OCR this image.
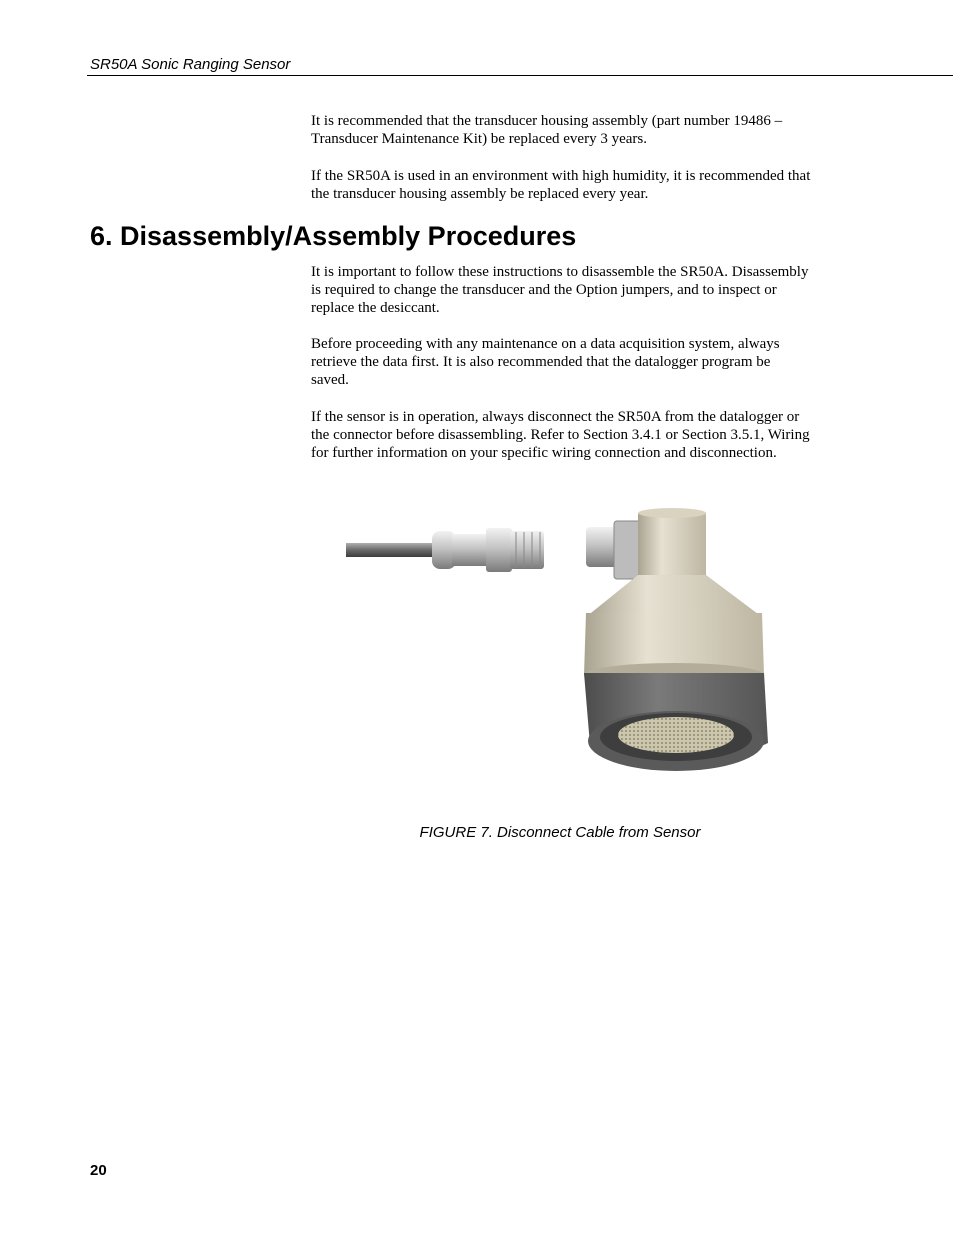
SR50A Sonic Ranging Sensor

It is recommended that the transducer housing assembly (part number 19486 – Transducer Maintenance Kit) be replaced every 3 years.

If the SR50A is used in an environment with high humidity, it is recommended that the transducer housing assembly be replaced every year.

6. Disassembly/Assembly Procedures

It is important to follow these instructions to disassemble the SR50A. Disassembly is required to change the transducer and the Option jumpers, and to inspect or replace the desiccant.

Before proceeding with any maintenance on a data acquisition system, always retrieve the data first. It is also recommended that the datalogger program be saved.

If the sensor is in operation, always disconnect the SR50A from the datalogger or the connector before disassembling. Refer to Section 3.4.1 or Section 3.5.1, Wiring for further information on your specific wiring connection and disconnection.

FIGURE 7. Disconnect Cable from Sensor
20
